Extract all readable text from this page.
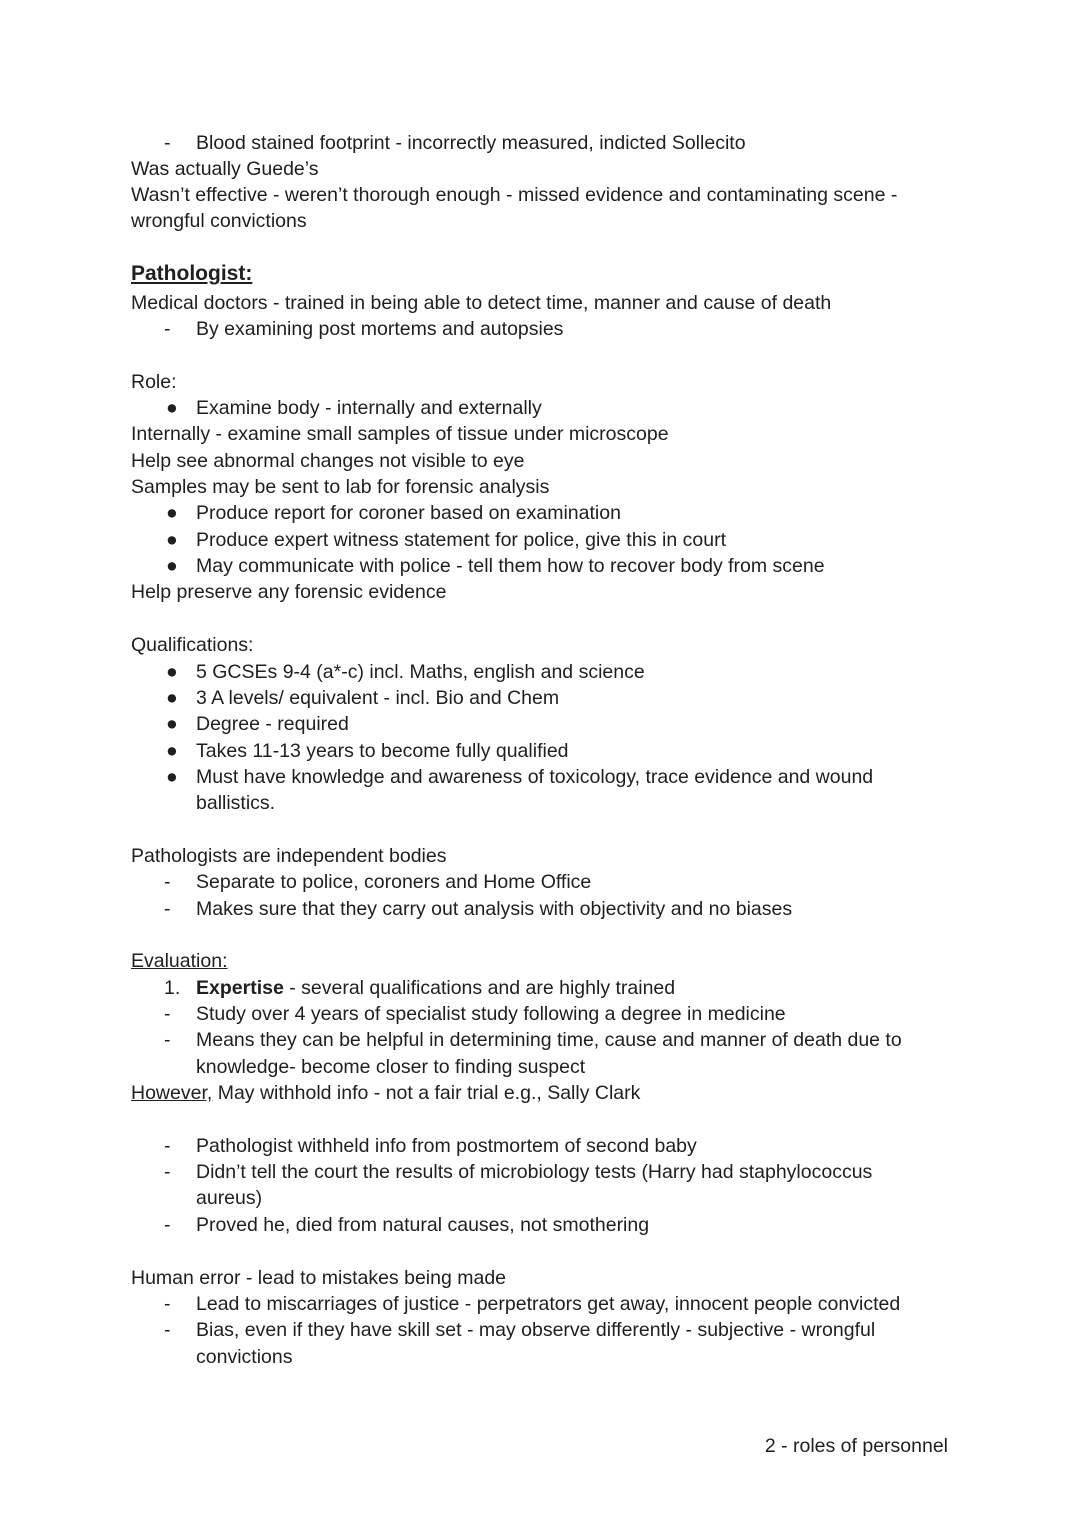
- Blood stained footprint - incorrectly measured, indicted Sollecito
Was actually Guede’s
Wasn’t effective - weren’t thorough enough - missed evidence and contaminating scene -
wrongful convictions
Pathologist:
Medical doctors - trained in being able to detect time, manner and cause of death
- By examining post mortems and autopsies
Role:
● Examine body - internally and externally
Internally - examine small samples of tissue under microscope
Help see abnormal changes not visible to eye
Samples may be sent to lab for forensic analysis
● Produce report for coroner based on examination
● Produce expert witness statement for police, give this in court
● May communicate with police - tell them how to recover body from scene
Help preserve any forensic evidence
Qualifications:
● 5 GCSEs 9-4 (a*-c) incl. Maths, english and science
● 3 A levels/ equivalent - incl. Bio and Chem
● Degree - required
● Takes 11-13 years to become fully qualified
● Must have knowledge and awareness of toxicology, trace evidence and wound
ballistics.
Pathologists are independent bodies
- Separate to police, coroners and Home Office
- Makes sure that they carry out analysis with objectivity and no biases
Evaluation:
1. Expertise - several qualifications and are highly trained
- Study over 4 years of specialist study following a degree in medicine
- Means they can be helpful in determining time, cause and manner of death due to
knowledge- become closer to finding suspect
However, May withhold info - not a fair trial e.g., Sally Clark
- Pathologist withheld info from postmortem of second baby
- Didn’t tell the court the results of microbiology tests (Harry had staphylococcus
aureus)
- Proved he, died from natural causes, not smothering
Human error - lead to mistakes being made
- Lead to miscarriages of justice - perpetrators get away, innocent people convicted
- Bias, even if they have skill set - may observe differently - subjective - wrongful
convictions
2 - roles of personnel
